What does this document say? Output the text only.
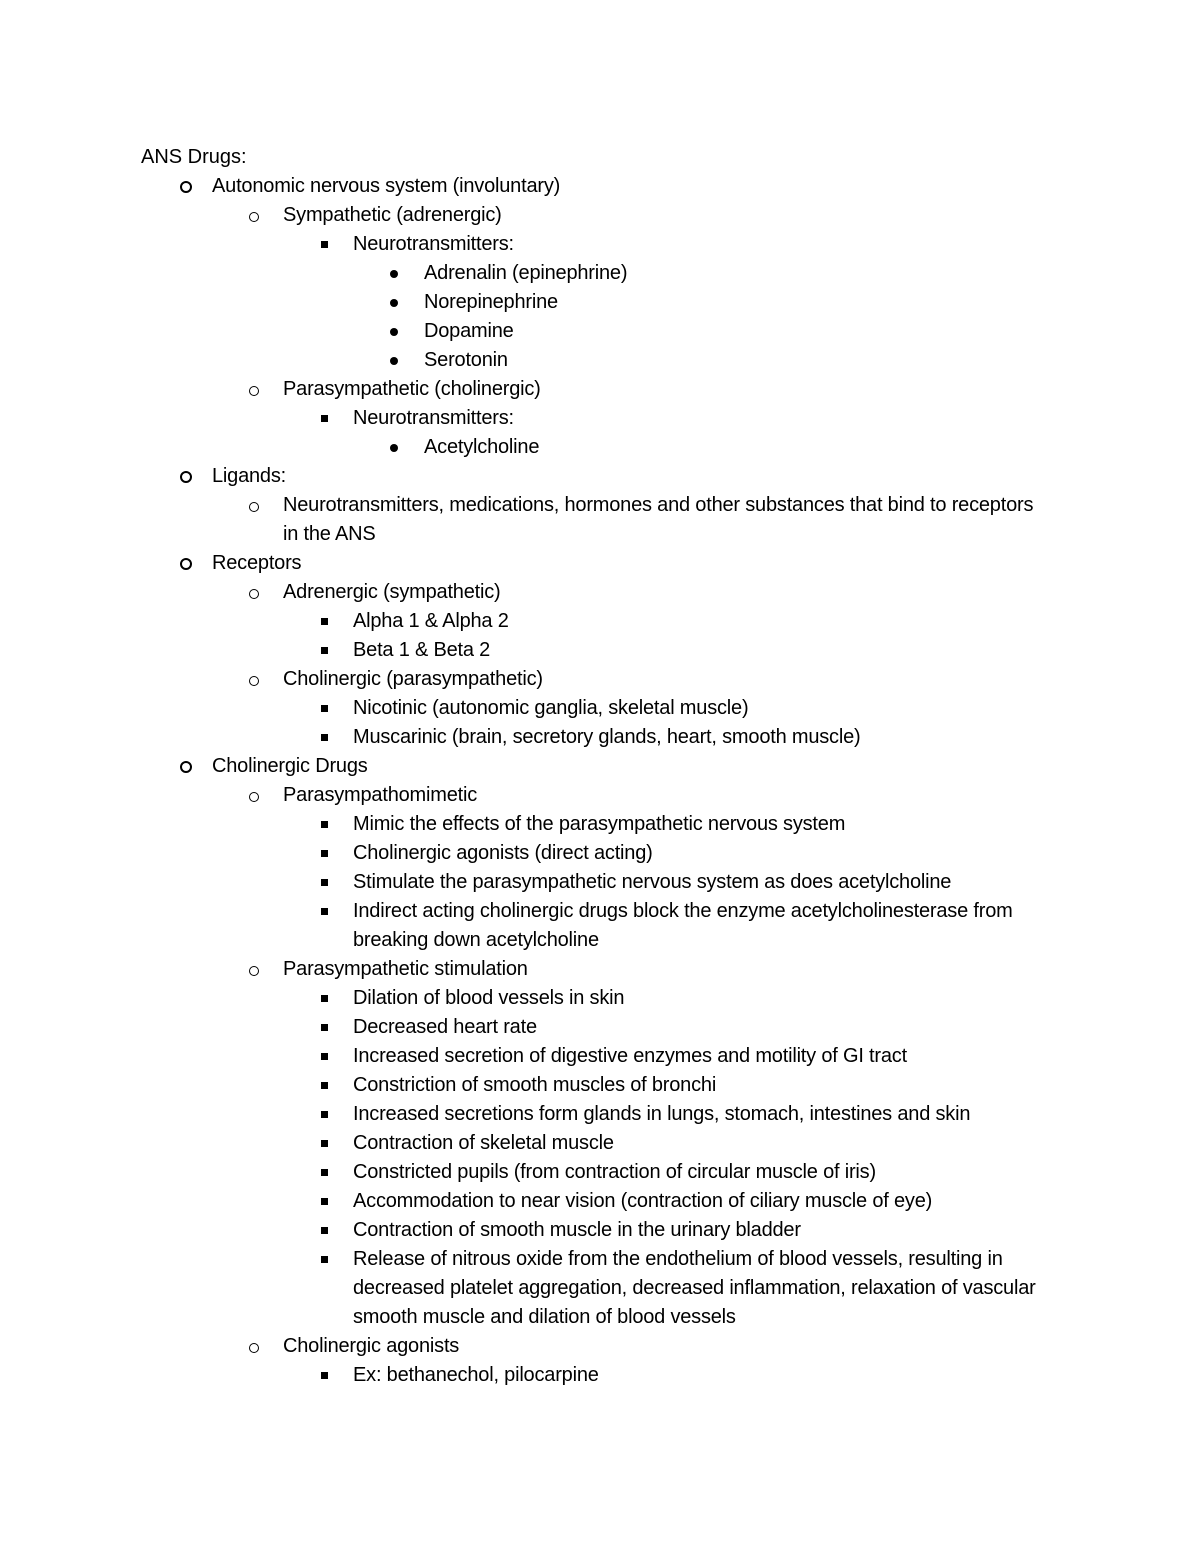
ANS Drugs:
Autonomic nervous system (involuntary)
Sympathetic (adrenergic)
Neurotransmitters:
Adrenalin (epinephrine)
Norepinephrine
Dopamine
Serotonin
Parasympathetic (cholinergic)
Neurotransmitters:
Acetylcholine
Ligands:
Neurotransmitters, medications, hormones and other substances that bind to receptors in the ANS
Receptors
Adrenergic (sympathetic)
Alpha 1 & Alpha 2
Beta 1 & Beta 2
Cholinergic (parasympathetic)
Nicotinic (autonomic ganglia, skeletal muscle)
Muscarinic (brain, secretory glands, heart, smooth muscle)
Cholinergic Drugs
Parasympathomimetic
Mimic the effects of the parasympathetic nervous system
Cholinergic agonists (direct acting)
Stimulate the parasympathetic nervous system as does acetylcholine
Indirect acting cholinergic drugs block the enzyme acetylcholinesterase from breaking down acetylcholine
Parasympathetic stimulation
Dilation of blood vessels in skin
Decreased heart rate
Increased secretion of digestive enzymes and motility of GI tract
Constriction of smooth muscles of bronchi
Increased secretions form glands in lungs, stomach, intestines and skin
Contraction of skeletal muscle
Constricted pupils (from contraction of circular muscle of iris)
Accommodation to near vision (contraction of ciliary muscle of eye)
Contraction of smooth muscle in the urinary bladder
Release of nitrous oxide from the endothelium of blood vessels, resulting in decreased platelet aggregation, decreased inflammation, relaxation of vascular smooth muscle and dilation of blood vessels
Cholinergic agonists
Ex: bethanechol, pilocarpine
